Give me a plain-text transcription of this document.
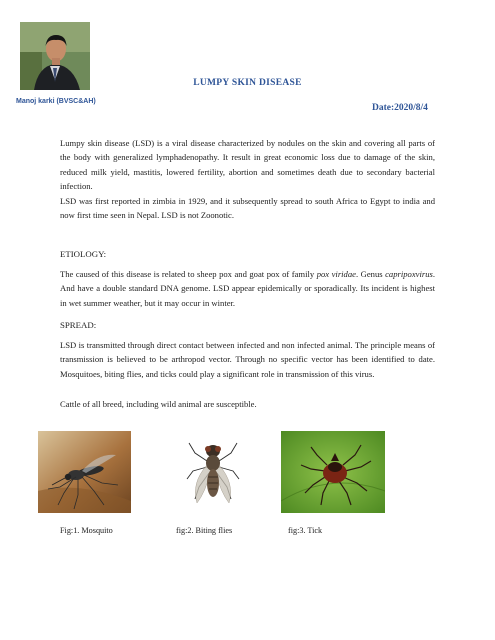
Manoj karki (BVSC&AH)
LUMPY SKIN DISEASE
Date:2020/8/4
Lumpy skin disease (LSD) is a viral disease characterized by nodules on the skin and covering all parts of the body with generalized lymphadenopathy. It result in great economic loss due to damage of the skin, reduced milk yield, mastitis, lowered fertility, abortion and sometimes death due to secondary bacterial infection.
LSD was first reported in zimbia in 1929, and it subsequently spread to south Africa to Egypt to india and now first time seen in Nepal. LSD is not Zoonotic.
ETIOLOGY:
The caused of this disease is related to sheep pox and goat pox of family pox viridae. Genus capripoxvirus. And have a double standard DNA genome. LSD appear epidemically or sporadically. Its incident is highest in wet summer weather, but it may occur in winter.
SPREAD:
LSD is transmitted through direct contact between infected and non infected animal. The principle means of transmission is believed to be arthropod vector. Through no specific vector has been identified to date. Mosquitoes, biting flies, and ticks could play a significant role in transmission of this virus.
Cattle of all breed, including wild animal are susceptible.
Fig:1. Mosquito	fig:2. Biting flies	fig:3. Tick
